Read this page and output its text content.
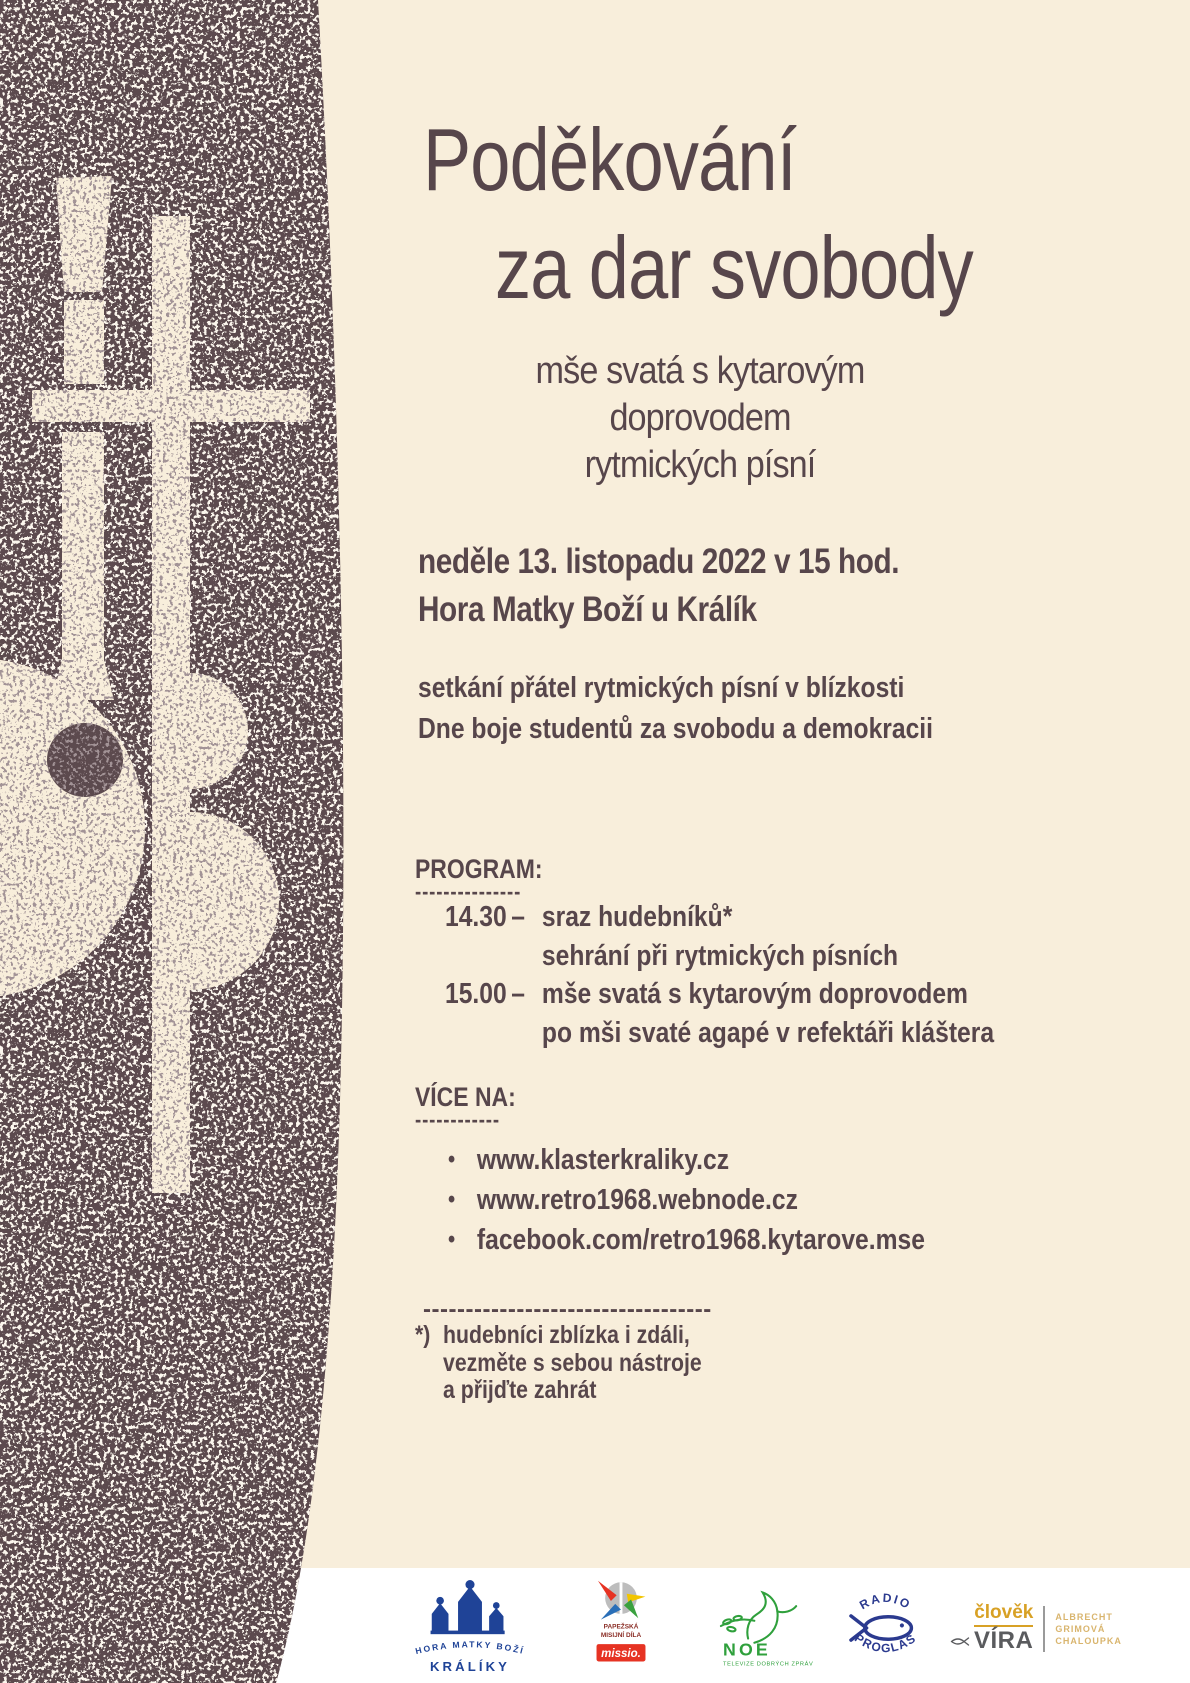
Poděkování
za dar svobody
mše svatá s kytarovým doprovodem
rytmických písní
neděle 13. listopadu 2022 v 15 hod.
Hora Matky Boží u Králík
setkání přátel rytmických písní v blízkosti
Dne boje studentů za svobodu a demokracii
PROGRAM:
---------------
14.30 – sraz hudebníků*
sehrání při rytmických písních
15.00 – mše svatá s kytarovým doprovodem
po mši svaté agapé v refektáři kláštera
VÍCE NA:
------------
• www.klasterkraliky.cz
• www.retro1968.webnode.cz
• facebook.com/retro1968.kytarove.mse
----------------------------------
*) hudebníci zblízka i zdáli,
vezměte s sebou nástroje
a přijďte zahrát
HORA MATKY BOŽÍ
KRÁLÍKY
PAPEŽSKÁ
MISIJNÍ DÍLA
missio.	NOE
TELEVIZE DOBRÝCH ZPRÁV
RADIO
PROGLAS
člověk
VÍRA
ALBRECHT
GRIMOVÁ
CHALOUPKA
